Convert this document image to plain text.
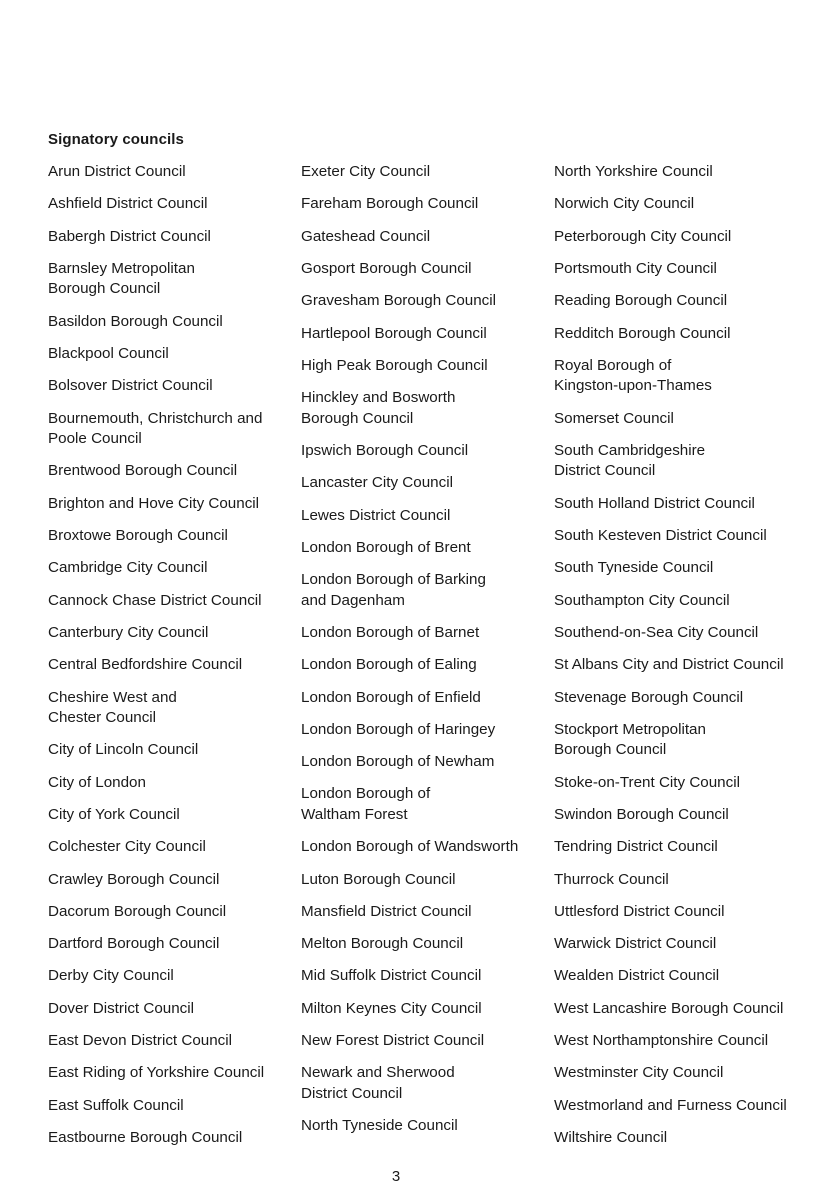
Signatory councils
Arun District Council
Ashfield District Council
Babergh District Council
Barnsley Metropolitan
Borough Council
Basildon Borough Council
Blackpool Council
Bolsover District Council
Bournemouth, Christchurch and
Poole Council
Brentwood Borough Council
Brighton and Hove City Council
Broxtowe Borough Council
Cambridge City Council
Cannock Chase District Council
Canterbury City Council
Central Bedfordshire Council
Cheshire West and
Chester Council
City of Lincoln Council
City of London
City of York Council
Colchester City Council
Crawley Borough Council
Dacorum Borough Council
Dartford Borough Council
Derby City Council
Dover District Council
East Devon District Council
East Riding of Yorkshire Council
East Suffolk Council
Eastbourne Borough Council
Exeter City Council
Fareham Borough Council
Gateshead Council
Gosport Borough Council
Gravesham Borough Council
Hartlepool Borough Council
High Peak Borough Council
Hinckley and Bosworth
Borough Council
Ipswich Borough Council
Lancaster City Council
Lewes District Council
London Borough of Brent
London Borough of Barking
and Dagenham
London Borough of Barnet
London Borough of Ealing
London Borough of Enfield
London Borough of Haringey
London Borough of Newham
London Borough of
Waltham Forest
London Borough of Wandsworth
Luton Borough Council
Mansfield District Council
Melton Borough Council
Mid Suffolk District Council
Milton Keynes City Council
New Forest District Council
Newark and Sherwood
District Council
North Tyneside Council
North Yorkshire Council
Norwich City Council
Peterborough City Council
Portsmouth City Council
Reading Borough Council
Redditch Borough Council
Royal Borough of
Kingston-upon-Thames
Somerset Council
South Cambridgeshire
District Council
South Holland District Council
South Kesteven District Council
South Tyneside Council
Southampton City Council
Southend-on-Sea City Council
St Albans City and District Council
Stevenage Borough Council
Stockport Metropolitan
Borough Council
Stoke-on-Trent City Council
Swindon Borough Council
Tendring District Council
Thurrock Council
Uttlesford District Council
Warwick District Council
Wealden District Council
West Lancashire Borough Council
West Northamptonshire Council
Westminster City Council
Westmorland and Furness Council
Wiltshire Council
3
